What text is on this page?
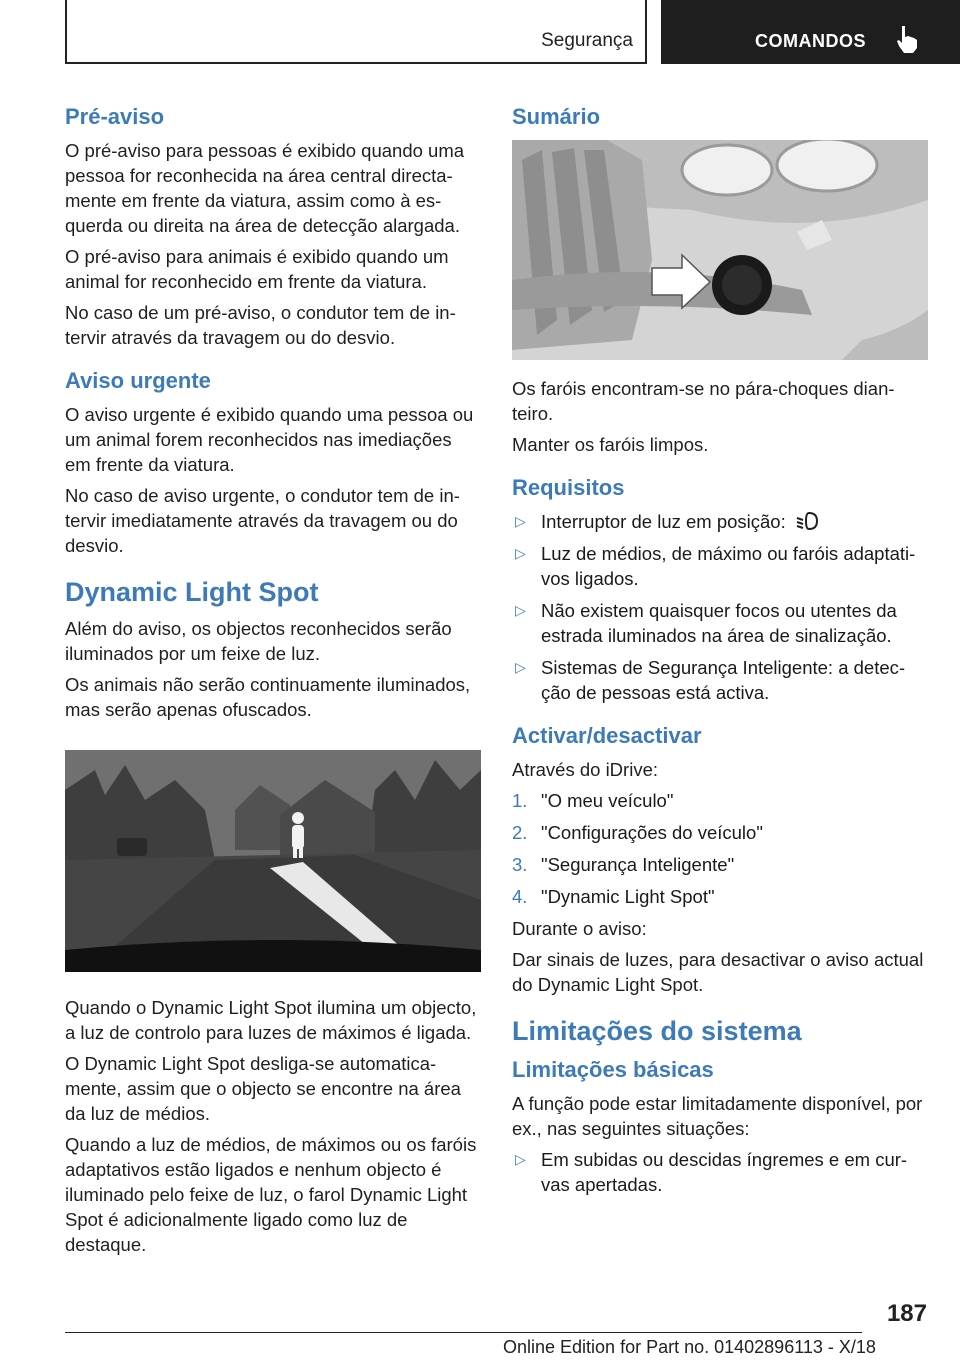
Segurança	COMANDOS
Pré-aviso

O pré-aviso para pessoas é exibido quando uma pessoa for reconhecida na área central directamente em frente da viatura, assim como à esquerda ou direita na área de detecção alargada.

O pré-aviso para animais é exibido quando um animal for reconhecido em frente da viatura.

No caso de um pré-aviso, o condutor tem de intervir através da travagem ou do desvio.

Aviso urgente

O aviso urgente é exibido quando uma pessoa ou um animal forem reconhecidos nas imediações em frente da viatura.

No caso de aviso urgente, o condutor tem de intervir imediatamente através da travagem ou do desvio.

Dynamic Light Spot

Além do aviso, os objectos reconhecidos serão iluminados por um feixe de luz.

Os animais não serão continuamente iluminados, mas serão apenas ofuscados.

Quando o Dynamic Light Spot ilumina um objecto, a luz de controlo para luzes de máximos é ligada.

O Dynamic Light Spot desliga-se automaticamente, assim que o objecto se encontre na área da luz de médios.

Quando a luz de médios, de máximos ou os faróis adaptativos estão ligados e nenhum objecto é iluminado pelo feixe de luz, o farol Dynamic Light Spot é adicionalmente ligado como luz de destaque.

Sumário

Os faróis encontram-se no pára-choques dianteiro.

Manter os faróis limpos.

Requisitos
▷ Interruptor de luz em posição:
▷ Luz de médios, de máximo ou faróis adaptativos ligados.
▷ Não existem quaisquer focos ou utentes da estrada iluminados na área de sinalização.
▷ Sistemas de Segurança Inteligente: a detecção de pessoas está activa.
Activar/desactivar

Através do iDrive:

1. "O meu veículo"
2. "Configurações do veículo"
3. "Segurança Inteligente"
4. "Dynamic Light Spot"

Durante o aviso:

Dar sinais de luzes, para desactivar o aviso actual do Dynamic Light Spot.

Limitações do sistema
Limitações básicas

A função pode estar limitadamente disponível, por ex., nas seguintes situações:

▷ Em subidas ou descidas íngremes e em curvas apertadas.
187
Online Edition for Part no. 01402896113 - X/18
